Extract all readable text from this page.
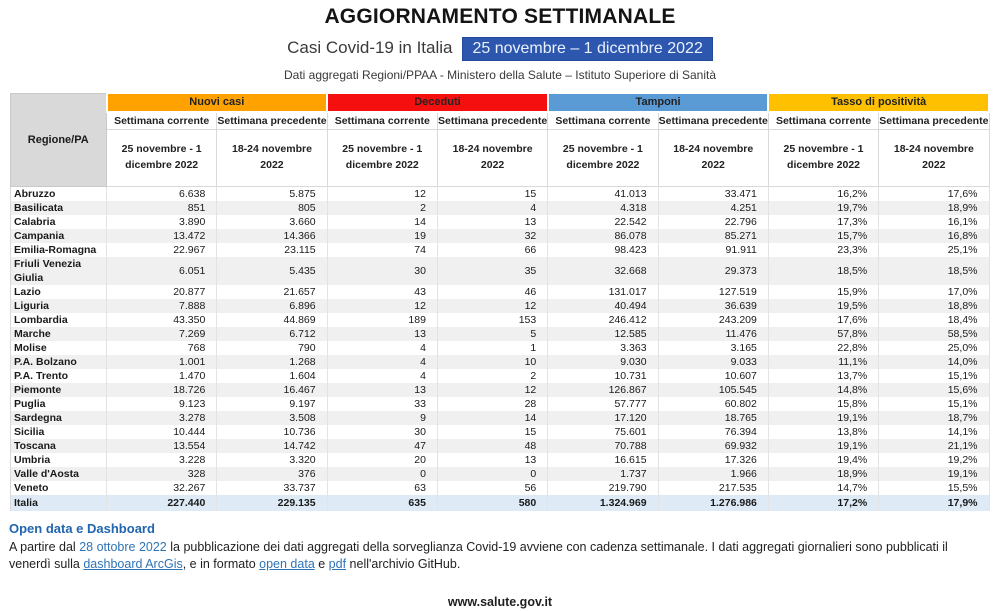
AGGIORNAMENTO SETTIMANALE
Casi Covid-19 in Italia 25 novembre – 1 dicembre 2022
Dati aggregati Regioni/PPAA - Ministero della Salute – Istituto Superiore di Sanità
Regione/PA	Nuovi casi		Deceduti		Tamponi		Tasso di positività	
	Settimana corrente	Settimana precedente	Settimana corrente	Settimana precedente	Settimana corrente	Settimana precedente	Settimana corrente	Settimana precedente
	25 novembre - 1 dicembre 2022	18-24 novembre 2022	25 novembre - 1 dicembre 2022	18-24 novembre 2022	25 novembre - 1 dicembre 2022	18-24 novembre 2022	25 novembre - 1 dicembre 2022	18-24 novembre 2022
Abruzzo	6.638	5.875	12	15	41.013	33.471	16,2%	17,6%
Basilicata	851	805	2	4	4.318	4.251	19,7%	18,9%
Calabria	3.890	3.660	14	13	22.542	22.796	17,3%	16,1%
Campania	13.472	14.366	19	32	86.078	85.271	15,7%	16,8%
Emilia-Romagna	22.967	23.115	74	66	98.423	91.911	23,3%	25,1%
Friuli Venezia Giulia	6.051	5.435	30	35	32.668	29.373	18,5%	18,5%
Lazio	20.877	21.657	43	46	131.017	127.519	15,9%	17,0%
Liguria	7.888	6.896	12	12	40.494	36.639	19,5%	18,8%
Lombardia	43.350	44.869	189	153	246.412	243.209	17,6%	18,4%
Marche	7.269	6.712	13	5	12.585	11.476	57,8%	58,5%
Molise	768	790	4	1	3.363	3.165	22,8%	25,0%
P.A. Bolzano	1.001	1.268	4	10	9.030	9.033	11,1%	14,0%
P.A. Trento	1.470	1.604	4	2	10.731	10.607	13,7%	15,1%
Piemonte	18.726	16.467	13	12	126.867	105.545	14,8%	15,6%
Puglia	9.123	9.197	33	28	57.777	60.802	15,8%	15,1%
Sardegna	3.278	3.508	9	14	17.120	18.765	19,1%	18,7%
Sicilia	10.444	10.736	30	15	75.601	76.394	13,8%	14,1%
Toscana	13.554	14.742	47	48	70.788	69.932	19,1%	21,1%
Umbria	3.228	3.320	20	13	16.615	17.326	19,4%	19,2%
Valle d'Aosta	328	376	0	0	1.737	1.966	18,9%	19,1%
Veneto	32.267	33.737	63	56	219.790	217.535	14,7%	15,5%
Italia	227.440	229.135	635	580	1.324.969	1.276.986	17,2%	17,9%
Open data e Dashboard
A partire dal 28 ottobre 2022 la pubblicazione dei dati aggregati della sorveglianza Covid-19 avviene con cadenza settimanale. I dati aggregati giornalieri sono pubblicati il venerdì sulla dashboard ArcGis, e in formato open data e pdf nell'archivio GitHub.
www.salute.gov.it
